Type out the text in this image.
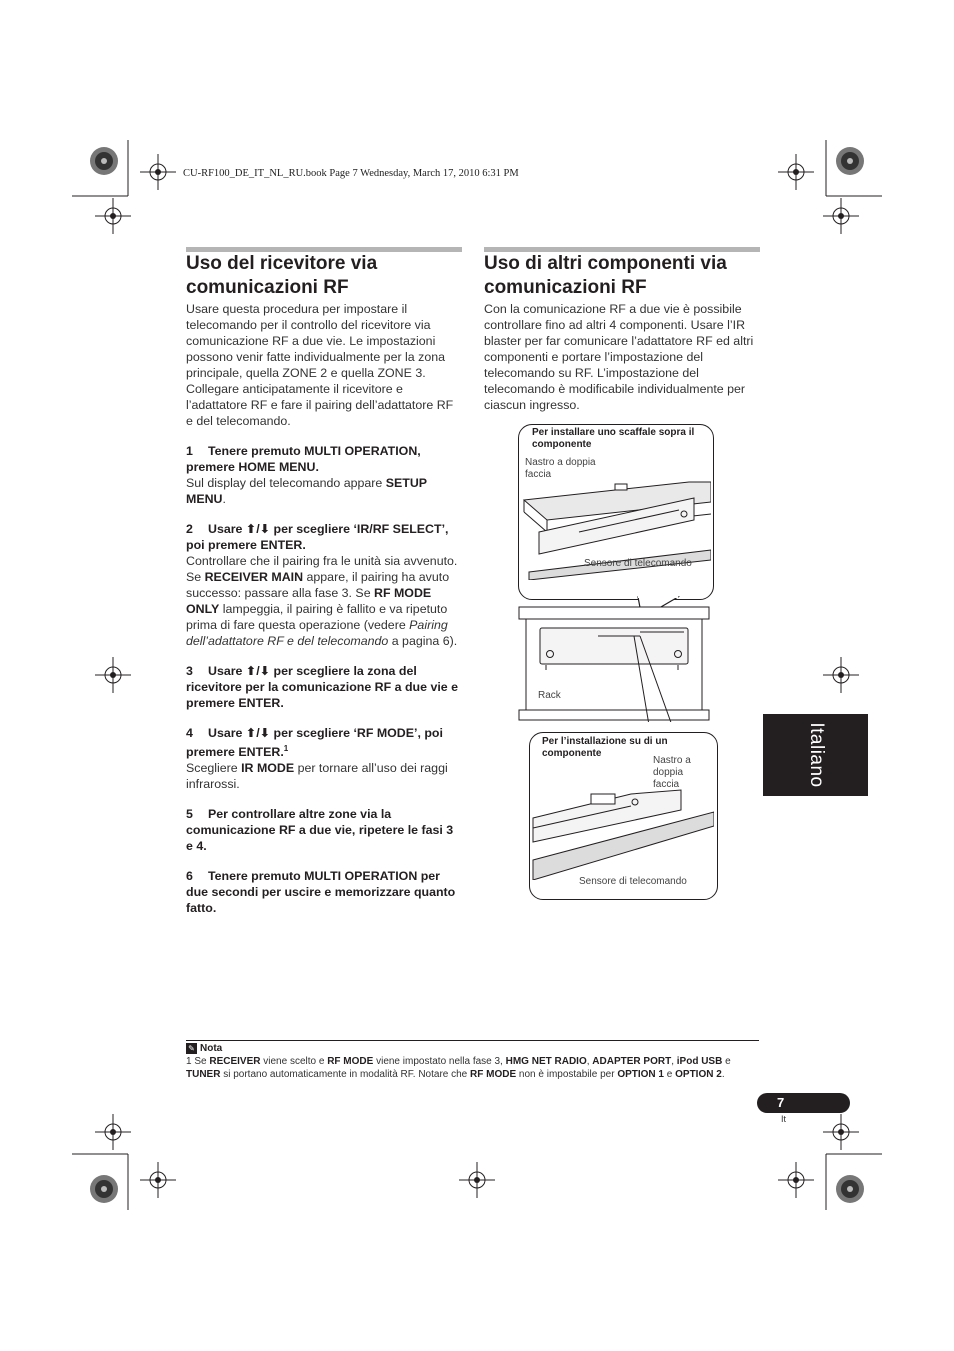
CU-RF100_DE_IT_NL_RU.book Page 7 Wednesday, March 17, 2010 6:31 PM
Uso del ricevitore via comunicazioni RF

Usare questa procedura per impostare il telecomando per il controllo del ricevitore via comunicazione RF a due vie. Le impostazioni possono venir fatte individualmente per la zona principale, quella ZONE 2 e quella ZONE 3. Collegare anticipatamente il ricevitore e l’adattatore RF e fare il pairing dell’adattatore RF e del telecomando.

1 Tenere premuto MULTI OPERATION, premere HOME MENU.
Sul display del telecomando appare SETUP MENU.
2 Usare ⬆/⬇ per scegliere ‘IR/RF SELECT’, poi premere ENTER.
Controllare che il pairing fra le unità sia avvenuto. Se RECEIVER MAIN appare, il pairing ha avuto successo: passare alla fase 3. Se RF MODE ONLY lampeggia, il pairing è fallito e va ripetuto prima di fare questa operazione (vedere Pairing dell’adattatore RF e del telecomando a pagina 6).
3 Usare ⬆/⬇ per scegliere la zona del ricevitore per la comunicazione RF a due vie e premere ENTER.
4 Usare ⬆/⬇ per scegliere ‘RF MODE’, poi premere ENTER.$^1$
Scegliere IR MODE per tornare all’uso dei raggi infrarossi.
5 Per controllare altre zone via la comunicazione RF a due vie, ripetere le fasi 3 e 4.
6 Tenere premuto MULTI OPERATION per due secondi per uscire e memorizzare quanto fatto.
Uso di altri componenti via comunicazioni RF

Con la comunicazione RF a due vie è possibile controllare fino ad altri 4 componenti. Usare l’IR blaster per far comunicare l’adattatore RF ed altri componenti e portare l’impostazione del telecomando su RF. L’impostazione del telecomando è modificabile individualmente per ciascun ingresso.

Per installare uno scaffale sopra il componente
Nastro a doppia faccia
Sensore di telecomando
Rack
Per l’installazione su di un componente
Nastro a doppia faccia
Sensore di telecomando
Italiano
✎ Nota
1 Se RECEIVER viene scelto e RF MODE viene impostato nella fase 3, HMG NET RADIO, ADAPTER PORT, iPod USB e TUNER si portano automaticamente in modalità RF. Notare che RF MODE non è impostabile per OPTION 1 e OPTION 2.
7
It
